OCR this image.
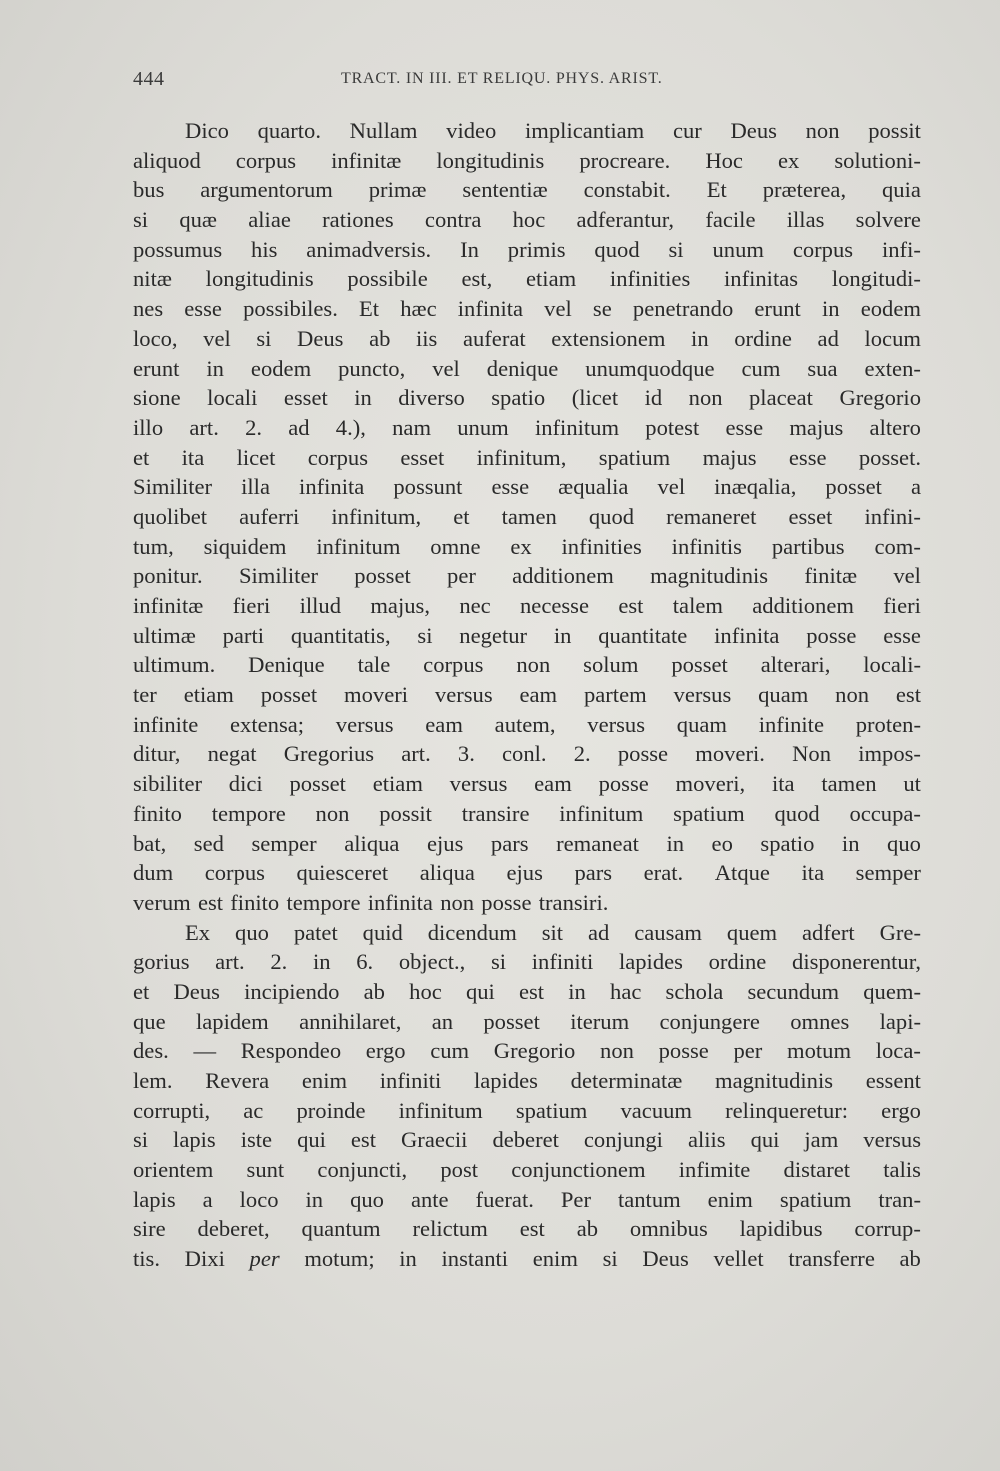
444	TRACT. IN III. ET RELIQU. PHYS. ARIST.
Dico quarto. Nullam video implicantiam cur Deus non possit
aliquod corpus infinitæ longitudinis procreare. Hoc ex solutioni-
bus argumentorum primæ sententiæ constabit. Et præterea, quia
si quæ aliae rationes contra hoc adferantur, facile illas solvere
possumus his animadversis. In primis quod si unum corpus infi-
nitæ longitudinis possibile est, etiam infinities infinitas longitudi-
nes esse possibiles. Et hæc infinita vel se penetrando erunt in eodem
loco, vel si Deus ab iis auferat extensionem in ordine ad locum
erunt in eodem puncto, vel denique unumquodque cum sua exten-
sione locali esset in diverso spatio (licet id non placeat Gregorio
illo art. 2. ad 4.), nam unum infinitum potest esse majus altero
et ita licet corpus esset infinitum, spatium majus esse posset.
Similiter illa infinita possunt esse æqualia vel inæqalia, posset a
quolibet auferri infinitum, et tamen quod remaneret esset infini-
tum, siquidem infinitum omne ex infinities infinitis partibus com-
ponitur. Similiter posset per additionem magnitudinis finitæ vel
infinitæ fieri illud majus, nec necesse est talem additionem fieri
ultimæ parti quantitatis, si negetur in quantitate infinita posse esse
ultimum. Denique tale corpus non solum posset alterari, locali-
ter etiam posset moveri versus eam partem versus quam non est
infinite extensa; versus eam autem, versus quam infinite proten-
ditur, negat Gregorius art. 3. conl. 2. posse moveri. Non impos-
sibiliter dici posset etiam versus eam posse moveri, ita tamen ut
finito tempore non possit transire infinitum spatium quod occupa-
bat, sed semper aliqua ejus pars remaneat in eo spatio in quo
dum corpus quiesceret aliqua ejus pars erat. Atque ita semper
verum est finito tempore infinita non posse transiri.
Ex quo patet quid dicendum sit ad causam quem adfert Gre-
gorius art. 2. in 6. object., si infiniti lapides ordine disponerentur,
et Deus incipiendo ab hoc qui est in hac schola secundum quem-
que lapidem annihilaret, an posset iterum conjungere omnes lapi-
des. — Respondeo ergo cum Gregorio non posse per motum loca-
lem. Revera enim infiniti lapides determinatæ magnitudinis essent
corrupti, ac proinde infinitum spatium vacuum relinqueretur: ergo
si lapis iste qui est Graecii deberet conjungi aliis qui jam versus
orientem sunt conjuncti, post conjunctionem infimite distaret talis
lapis a loco in quo ante fuerat. Per tantum enim spatium tran-
sire deberet, quantum relictum est ab omnibus lapidibus corrup-
tis. Dixi per motum; in instanti enim si Deus vellet transferre ab
